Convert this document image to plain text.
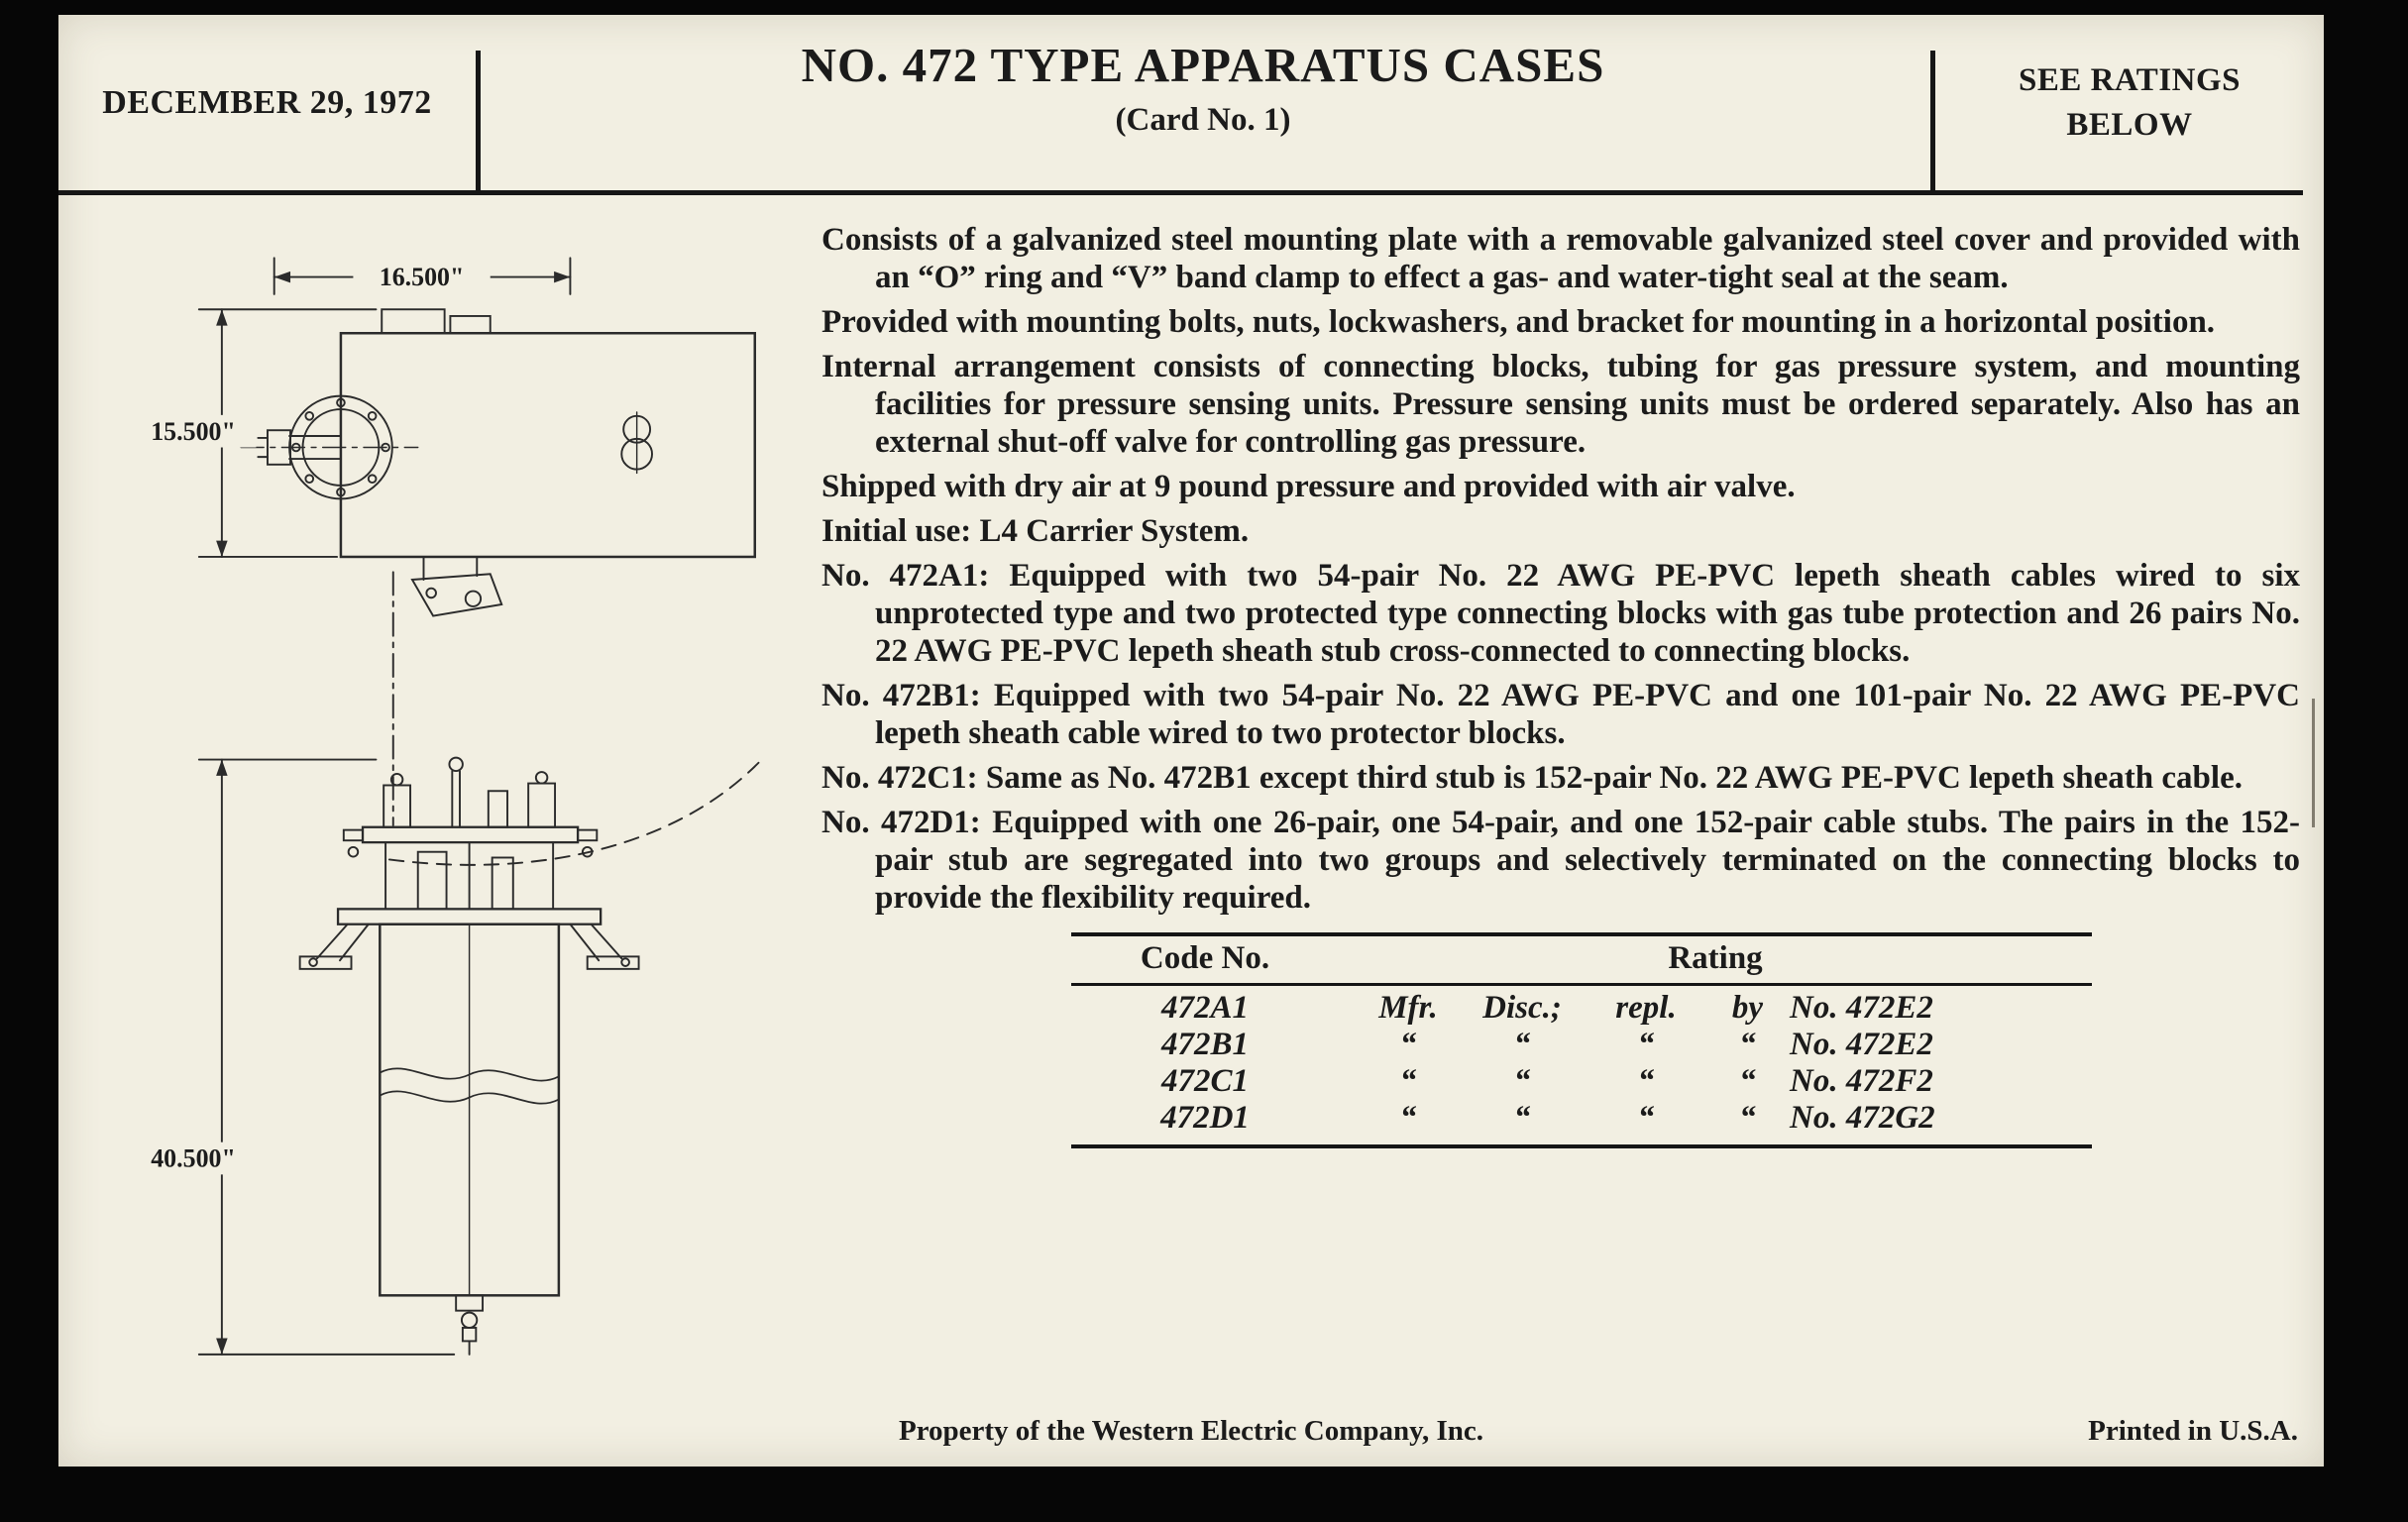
DECEMBER 29, 1972
NO. 472 TYPE APPARATUS CASES
(Card No. 1)
SEE RATINGS
BELOW
16.500"
15.500"
40.500"

Consists of a galvanized steel mounting plate with a removable galvanized steel cover and provided with an “O” ring and “V” band clamp to effect a gas- and water-tight seal at the seam.

Provided with mounting bolts, nuts, lockwashers, and bracket for mounting in a horizontal position.

Internal arrangement consists of connecting blocks, tubing for gas pressure system, and mounting facilities for pressure sensing units. Pressure sensing units must be ordered separately. Also has an external shut-off valve for controlling gas pressure.

Shipped with dry air at 9 pound pressure and provided with air valve.

Initial use: L4 Carrier System.

No. 472A1: Equipped with two 54-pair No. 22 AWG PE-PVC lepeth sheath cables wired to six unprotected type and two protected type connecting blocks with gas tube protection and 26 pairs No. 22 AWG PE-PVC lepeth sheath stub cross-connected to connecting blocks.

No. 472B1: Equipped with two 54-pair No. 22 AWG PE-PVC and one 101-pair No. 22 AWG PE-PVC lepeth sheath cable wired to two protector blocks.

No. 472C1: Same as No. 472B1 except third stub is 152-pair No. 22 AWG PE-PVC lepeth sheath cable.

No. 472D1: Equipped with one 26-pair, one 54-pair, and one 152-pair cable stubs. The pairs in the 152-pair stub are segregated into two groups and selectively terminated on the connecting blocks to provide the flexibility required.

Code No.	Rating
472A1	Mfr.	Disc.;	repl.	by No. 472E2
472B1	“	“	“	“	No. 472E2
472C1	“	“	“	“	No. 472F2
472D1	“	“	“	“	No. 472G2
Property of the Western Electric Company, Inc.	Printed in U.S.A.
